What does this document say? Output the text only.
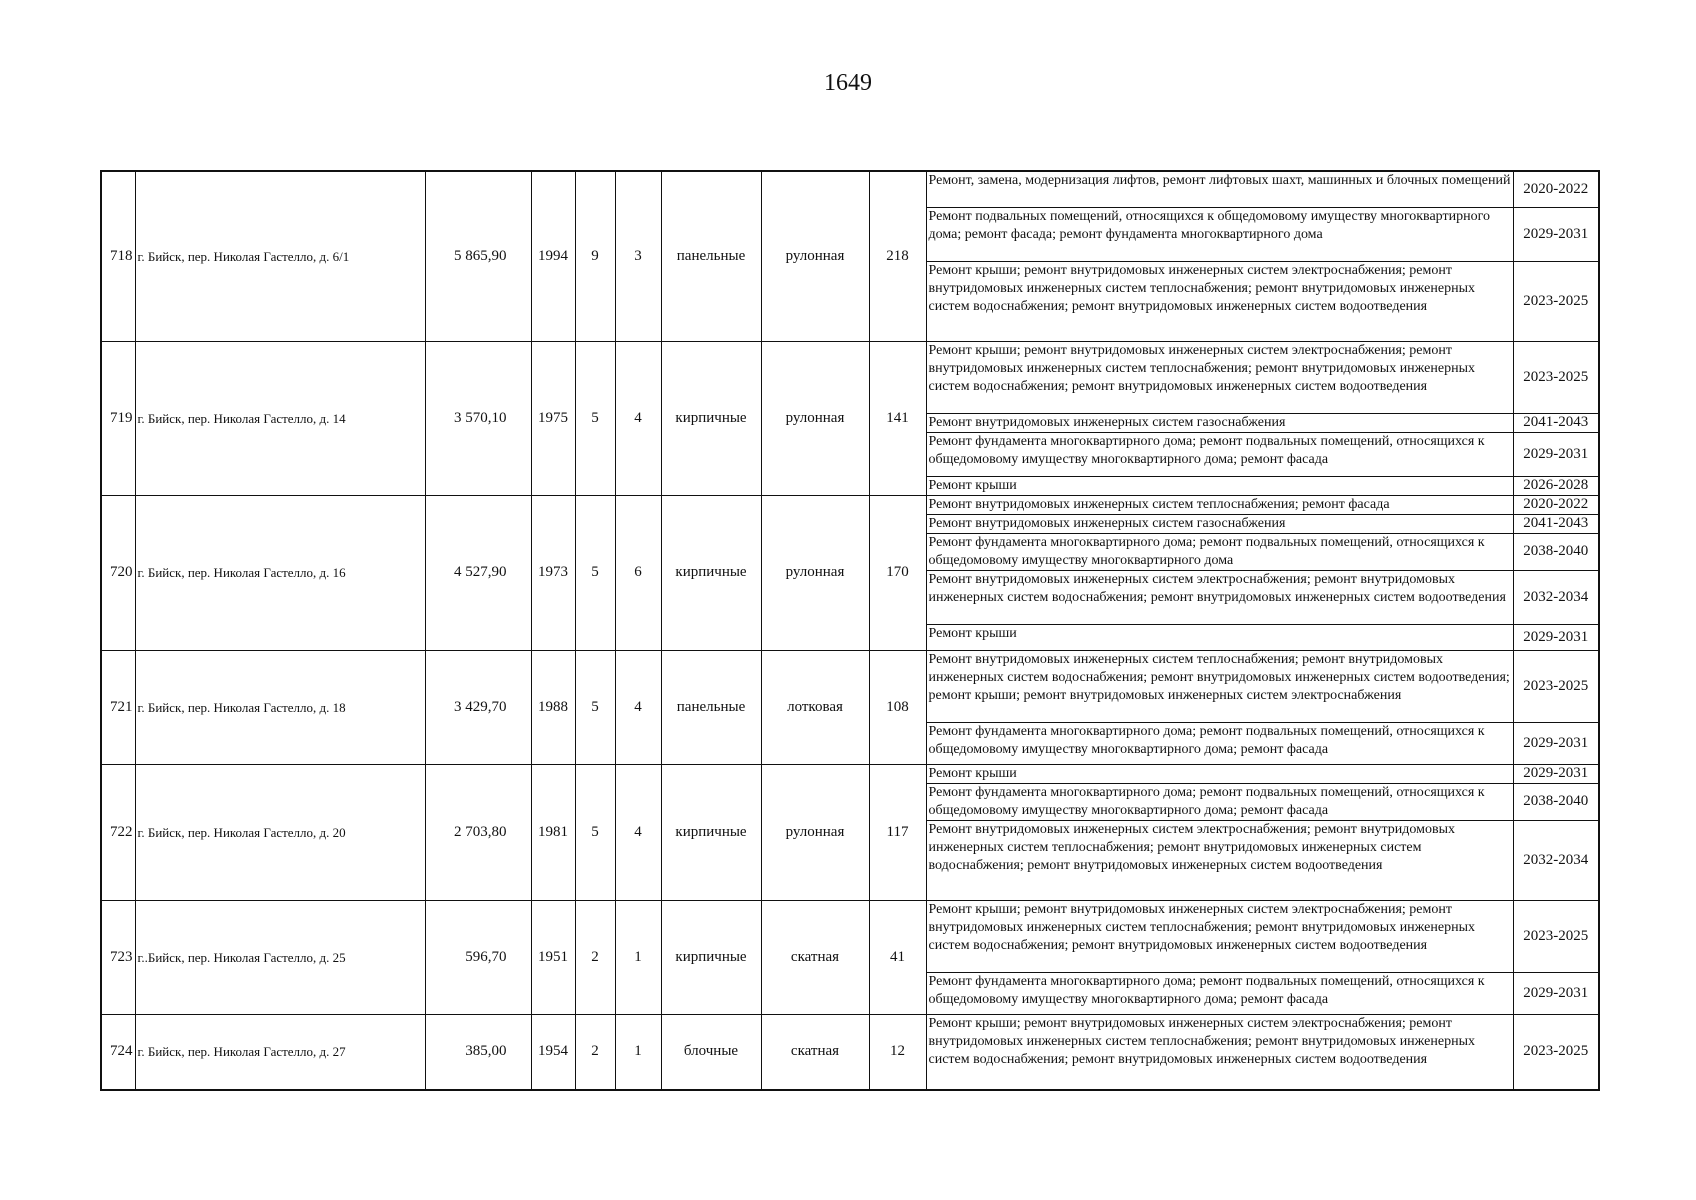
1649
718	г. Бийск, пер. Николая Гастелло, д. 6/1	5 865,90	1994	9	3	панельные	рулонная	218	Ремонт, замена, модернизация лифтов, ремонт лифтовых шахт, машинных и блочных помещений	2020-2022
									Ремонт подвальных помещений, относящихся к общедомовому имуществу многоквартирного дома; ремонт фасада; ремонт фундамента многоквартирного дома	2029-2031
									Ремонт крыши; ремонт внутридомовых инженерных систем электроснабжения; ремонт внутридомовых инженерных систем теплоснабжения; ремонт внутридомовых инженерных систем водоснабжения; ремонт внутридомовых инженерных систем водоотведения	2023-2025
719	г. Бийск, пер. Николая Гастелло, д. 14	3 570,10	1975	5	4	кирпичные	рулонная	141	Ремонт крыши; ремонт внутридомовых инженерных систем электроснабжения; ремонт внутридомовых инженерных систем теплоснабжения; ремонт внутридомовых инженерных систем водоснабжения; ремонт внутридомовых инженерных систем водоотведения	2023-2025
									Ремонт внутридомовых инженерных систем газоснабжения	2041-2043
									Ремонт фундамента многоквартирного дома; ремонт подвальных помещений, относящихся к общедомовому имуществу многоквартирного дома; ремонт фасада	2029-2031
									Ремонт крыши	2026-2028
720	г. Бийск, пер. Николая Гастелло, д. 16	4 527,90	1973	5	6	кирпичные	рулонная	170	Ремонт внутридомовых инженерных систем теплоснабжения; ремонт фасада	2020-2022
									Ремонт внутридомовых инженерных систем газоснабжения	2041-2043
									Ремонт фундамента многоквартирного дома; ремонт подвальных помещений, относящихся к общедомовому имуществу многоквартирного дома	2038-2040
									Ремонт внутридомовых инженерных систем электроснабжения; ремонт внутридомовых инженерных систем водоснабжения; ремонт внутридомовых инженерных систем водоотведения	2032-2034
									Ремонт крыши	2029-2031
721	г. Бийск, пер. Николая Гастелло, д. 18	3 429,70	1988	5	4	панельные	лотковая	108	Ремонт внутридомовых инженерных систем теплоснабжения; ремонт внутридомовых инженерных систем водоснабжения; ремонт внутридомовых инженерных систем водоотведения; ремонт крыши; ремонт внутридомовых инженерных систем электроснабжения	2023-2025
									Ремонт фундамента многоквартирного дома; ремонт подвальных помещений, относящихся к общедомовому имуществу многоквартирного дома; ремонт фасада	2029-2031
722	г. Бийск, пер. Николая Гастелло, д. 20	2 703,80	1981	5	4	кирпичные	рулонная	117	Ремонт крыши	2029-2031
									Ремонт фундамента многоквартирного дома; ремонт подвальных помещений, относящихся к общедомовому имуществу многоквартирного дома; ремонт фасада	2038-2040
									Ремонт внутридомовых инженерных систем электроснабжения; ремонт внутридомовых инженерных систем теплоснабжения; ремонт внутридомовых инженерных систем водоснабжения; ремонт внутридомовых инженерных систем водоотведения	2032-2034
723	г..Бийск, пер. Николая Гастелло, д. 25	596,70	1951	2	1	кирпичные	скатная	41	Ремонт крыши; ремонт внутридомовых инженерных систем электроснабжения; ремонт внутридомовых инженерных систем теплоснабжения; ремонт внутридомовых инженерных систем водоснабжения; ремонт внутридомовых инженерных систем водоотведения	2023-2025
									Ремонт фундамента многоквартирного дома; ремонт подвальных помещений, относящихся к общедомовому имуществу многоквартирного дома; ремонт фасада	2029-2031
724	г. Бийск, пер. Николая Гастелло, д. 27	385,00	1954	2	1	блочные	скатная	12	Ремонт крыши; ремонт внутридомовых инженерных систем электроснабжения; ремонт внутридомовых инженерных систем теплоснабжения; ремонт внутридомовых инженерных систем водоснабжения; ремонт внутридомовых инженерных систем водоотведения	2023-2025
